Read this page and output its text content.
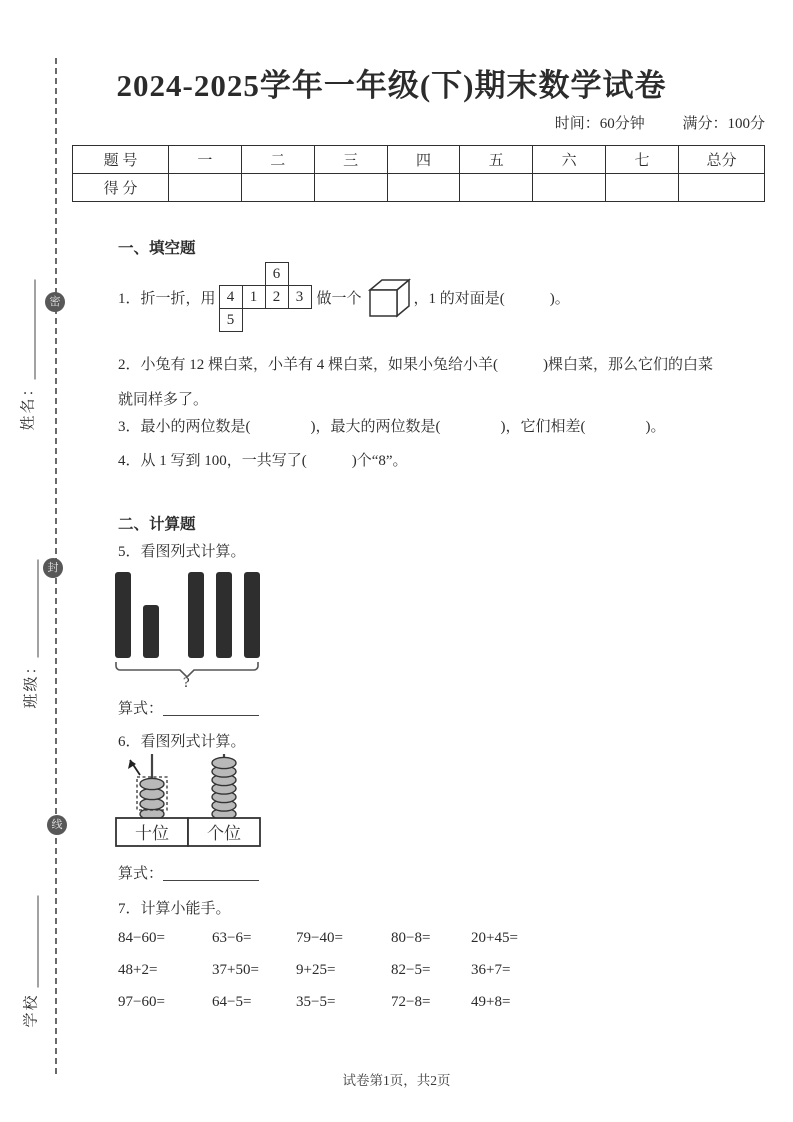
密
封
线
姓名：
班级：
学校
2024-2025学年一年级(下)期末数学试卷
时间：60分钟	满分：100分
题 号	一	二	三	四	五	六	七	总分
得 分								
一、填空题
1．折一折，用
6
4	1	2	3
5
做一个	，1 的对面是(　　　)。
2．小兔有 12 棵白菜，小羊有 4 棵白菜，如果小兔给小羊(　　　)棵白菜，那么它们的白菜
就同样多了。
3．最小的两位数是(　　　　)，最大的两位数是(　　　　)，它们相差(　　　　)。
4．从 1 写到 100，一共写了(　　　)个“8”。
二、计算题
5．看图列式计算。
?
算式：
6．看图列式计算。
十位 个位
算式：
7．计算小能手。
84−60=	63−6=	79−40=	80−8=	20+45=
48+2=	37+50=	9+25=	82−5=	36+7=
97−60=	64−5=	35−5=	72−8=	49+8=
试卷第1页，共2页
